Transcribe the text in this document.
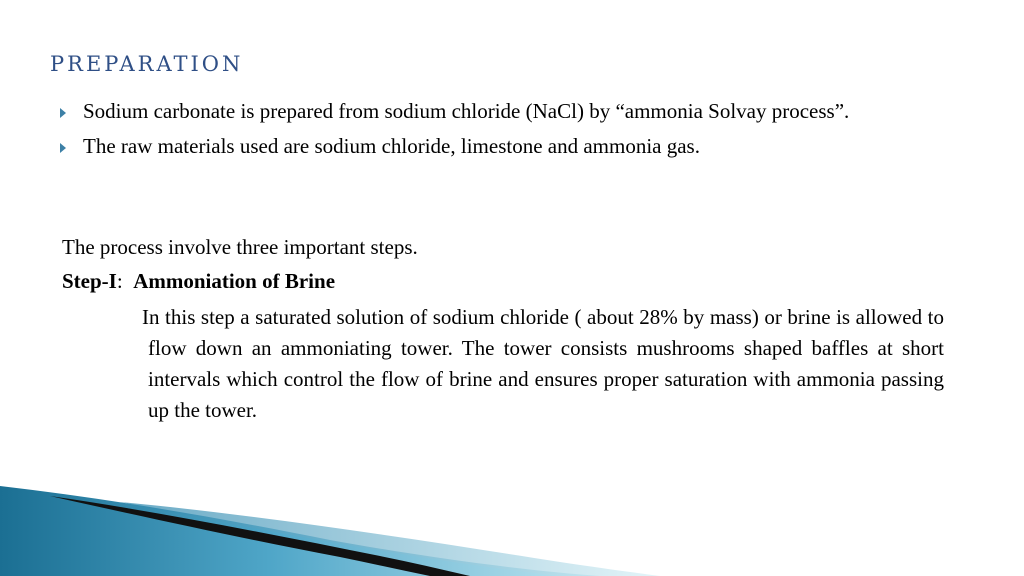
preparation
Sodium carbonate is prepared from sodium chloride (NaCl) by “ammonia Solvay process”.
The raw materials used are sodium chloride, limestone and ammonia gas.

The process involve three important steps.

Step-I: Ammoniation of Brine

In this step a saturated solution of sodium chloride ( about 28% by mass) or brine is allowed to flow down an ammoniating tower. The tower consists mushrooms shaped baffles at short intervals which control the flow of brine and ensures proper saturation with ammonia passing up the tower.
